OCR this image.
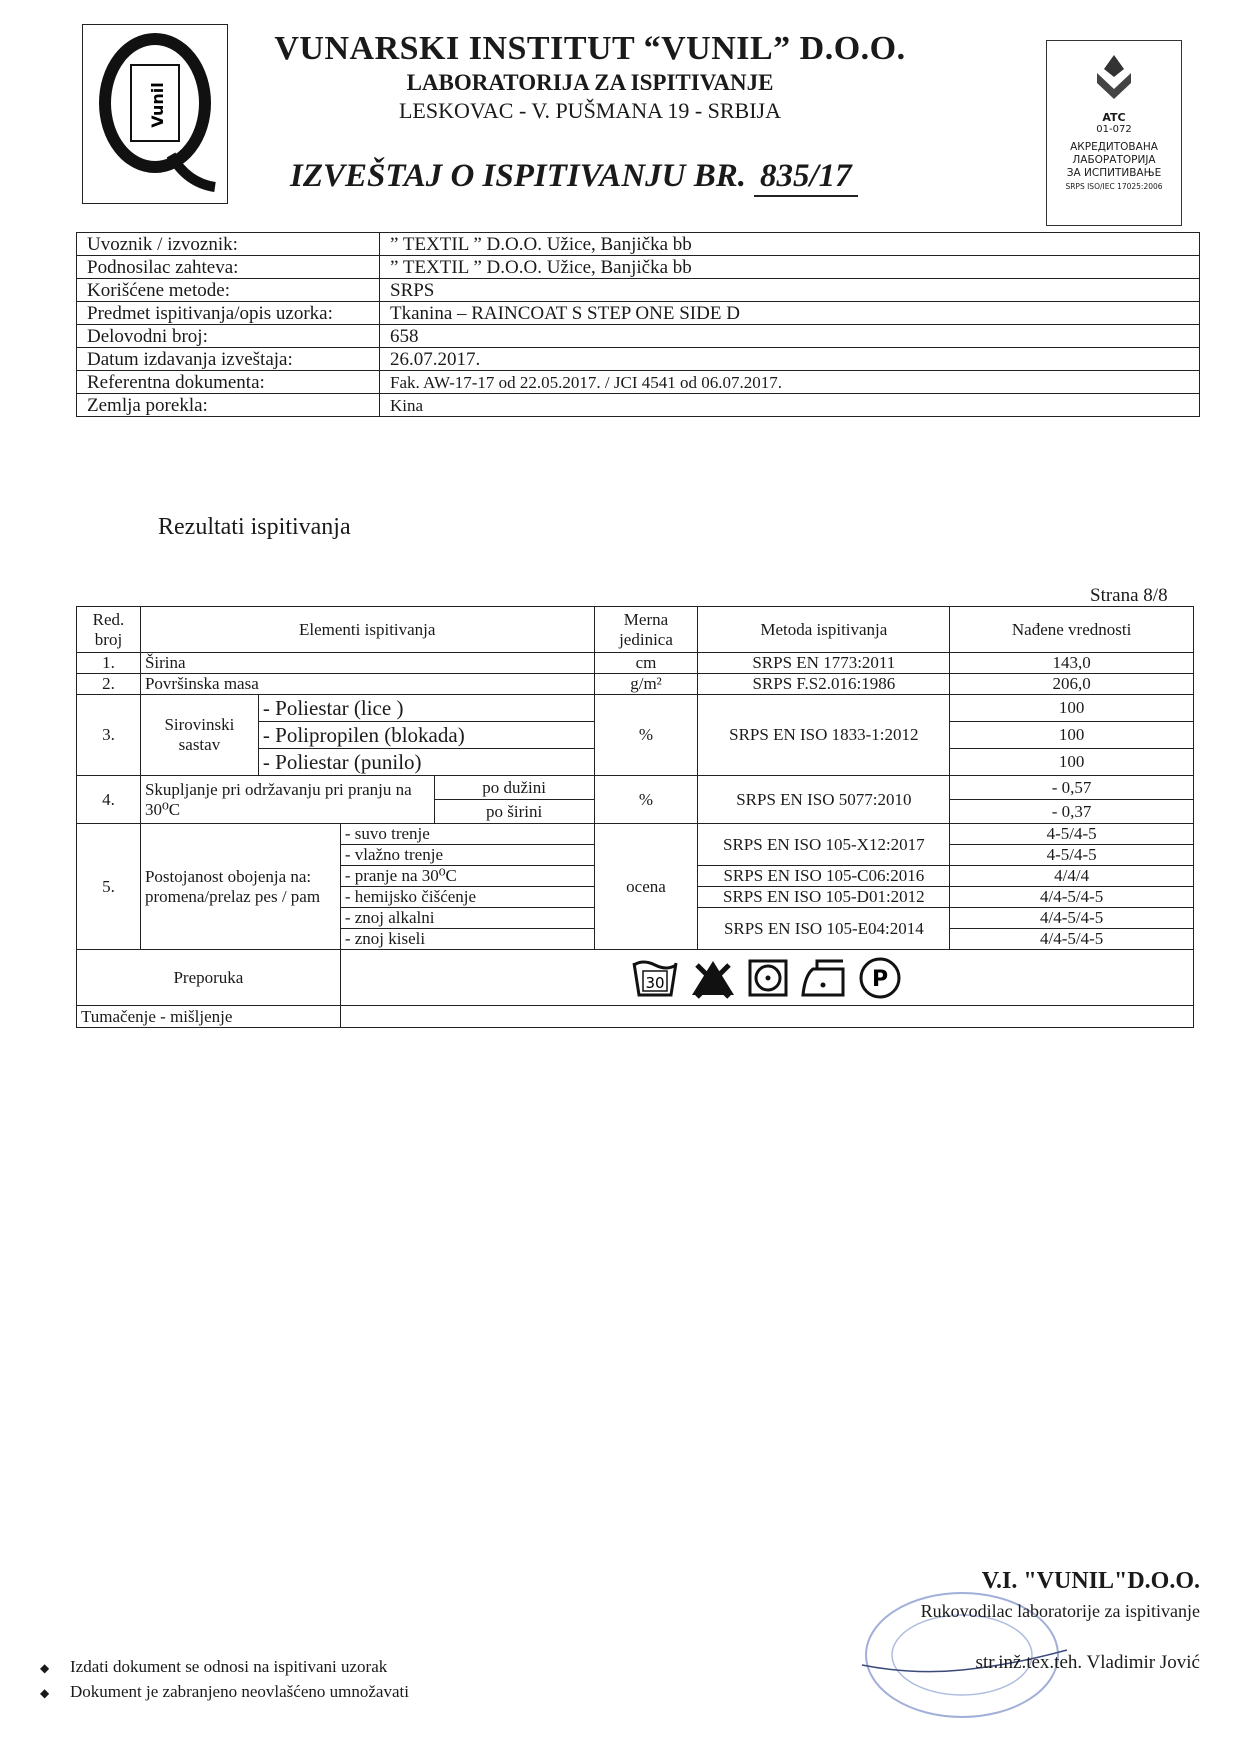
Vunil
VUNARSKI INSTITUT “VUNIL” D.O.O.
LABORATORIJA ZA ISPITIVANJE
LESKOVAC - V. PUŠMANA 19 - SRBIJA
IZVEŠTAJ O ISPITIVANJU BR. 835/17
ATC
01-072
АКРЕДИТОВАНА
ЛАБОРАТОРИЈА
ЗА ИСПИТИВАЊЕ
SRPS ISO/IEC 17025:2006
Uvoznik / izvoznik:	” TEXTIL ” D.O.O. Užice, Banjička bb
Podnosilac zahteva:	” TEXTIL ” D.O.O. Užice, Banjička bb
Korišćene metode:	SRPS
Predmet ispitivanja/opis uzorka:	Tkanina – RAINCOAT S STEP ONE SIDE D
Delovodni broj:	658
Datum izdavanja izveštaja:	26.07.2017.
Referentna dokumenta:	Fak. AW-17-17 od 22.05.2017. / JCI 4541 od 06.07.2017.
Zemlja porekla:	Kina
Rezultati ispitivanja
Strana 8/8
Red. broj	Elementi ispitivanja				Merna jedinica	Metoda ispitivanja	Nađene vrednosti
1.	Širina				cm	SRPS EN 1773:2011	143,0
2.	Površinska masa				g/m²	SRPS F.S2.016:1986	206,0
3.	Sirovinski sastav	- Poliestar (lice )			%	SRPS EN ISO 1833-1:2012	100
		- Polipropilen (blokada)					100
		- Poliestar (punilo)					100
4.	Skupljanje pri održavanju pri pranju na 30⁰C			po dužini	%	SRPS EN ISO 5077:2010	- 0,57
				po širini			- 0,37
5.	Postojanost obojenja na: promena/prelaz pes / pam		- suvo trenje		ocena	SRPS EN ISO 105-X12:2017	4-5/4-5
			- vlažno trenje				4-5/4-5
			- pranje na 30⁰C			SRPS EN ISO 105-C06:2016	4/4/4
			- hemijsko čišćenje			SRPS EN ISO 105-D01:2012	4/4-5/4-5
			- znoj alkalni			SRPS EN ISO 105-E04:2014	4/4-5/4-5
			- znoj kiseli				4/4-5/4-5
Preporuka			30 P				

Tumačenje - mišljenje							
V.I. "VUNIL"D.O.O.
Rukovodilac laboratorije za ispitivanje
str.inž.tex.teh. Vladimir Jović
◆ Izdati dokument se odnosi na ispitivani uzorak
◆ Dokument je zabranjeno neovlašćeno umnožavati
